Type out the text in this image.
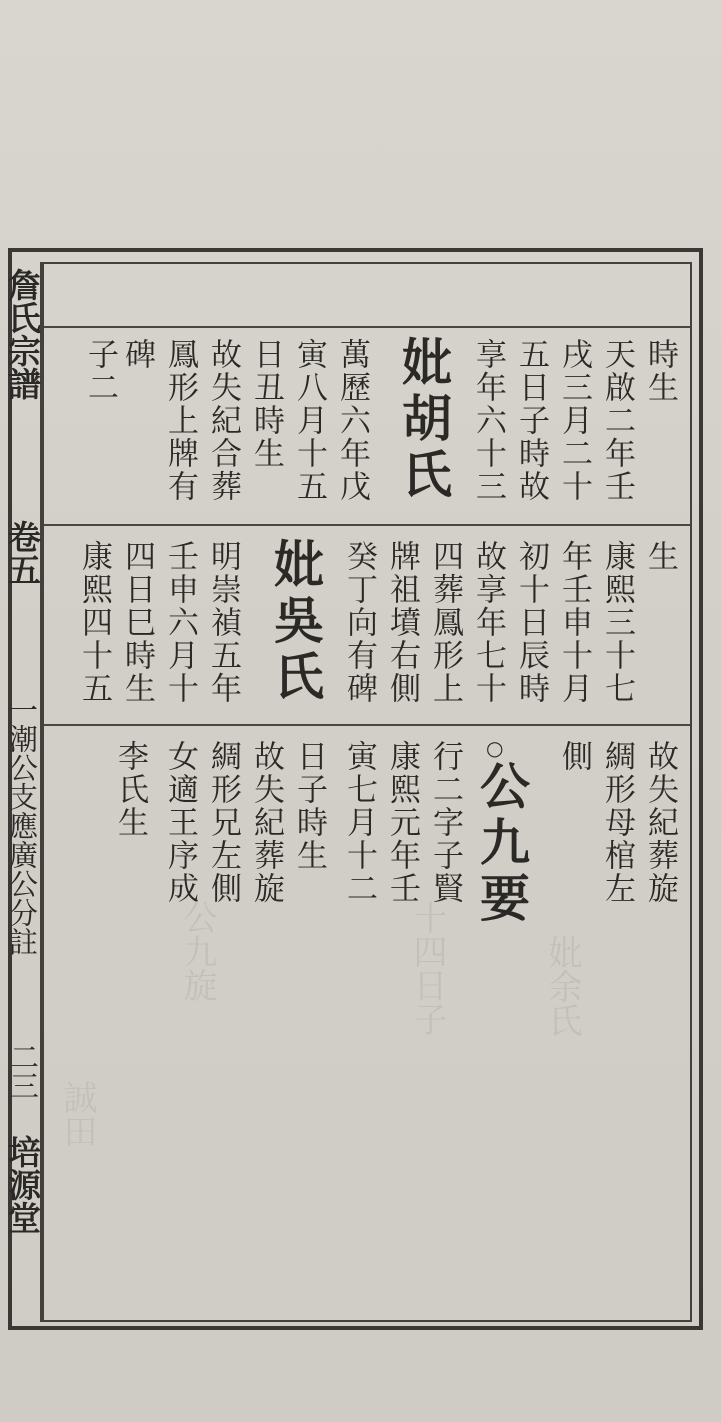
妣余氏
十四日子
公九旋
誠田
詹氏宗譜
卷五
一潮公支應廣公分註
二三
培源堂
時生
天啟二年壬
戌三月二十
五日子時故
享年六十三
妣胡氏
萬歷六年戊
寅八月十五
日丑時生
故失紀合葬
鳳形上牌有
碑
子二
生
康熙三十七
年壬申十月
初十日辰時
故享年七十
四葬鳳形上
牌祖墳右側
癸丁向有碑
妣吳氏
明崇禎五年
壬申六月十
四日巳時生
康熙四十五
故失紀葬旋
綢形母棺左
側
○
公九要
行二字子賢
康熙元年壬
寅七月十二
日子時生
故失紀葬旋
綢形兄左側
女適王序成
李氏生
